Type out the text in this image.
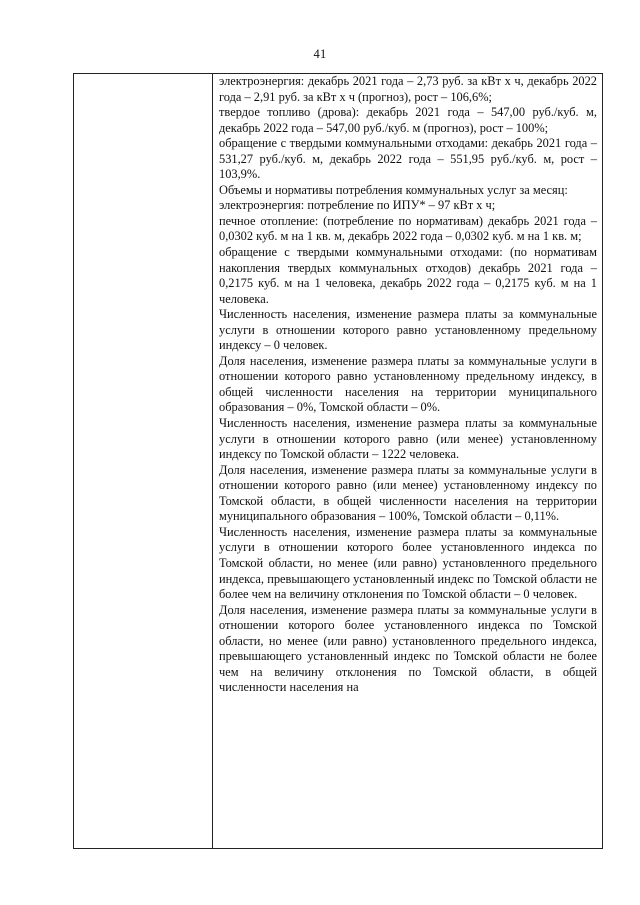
41

электроэнергия: декабрь 2021 года – 2,73 руб. за кВт х ч, декабрь 2022 года – 2,91 руб. за кВт х ч (прогноз), рост – 106,6%;

твердое топливо (дрова): декабрь 2021 года – 547,00 руб./куб. м, декабрь 2022 года – 547,00 руб./куб. м (прогноз), рост – 100%;

обращение с твердыми коммунальными отходами: декабрь 2021 года – 531,27 руб./куб. м, декабрь 2022 года – 551,95 руб./куб. м, рост – 103,9%.

Объемы и нормативы потребления коммунальных услуг за месяц:

электроэнергия: потребление по ИПУ* – 97 кВт х ч;

печное отопление: (потребление по нормативам) декабрь 2021 года – 0,0302 куб. м на 1 кв. м, декабрь 2022 года – 0,0302 куб. м на 1 кв. м;

обращение с твердыми коммунальными отходами: (по нормативам накопления твердых коммунальных отходов) декабрь 2021 года – 0,2175 куб. м на 1 человека, декабрь 2022 года – 0,2175 куб. м на 1 человека.

Численность населения, изменение размера платы за коммунальные услуги в отношении которого равно установленному предельному индексу – 0 человек.

Доля населения, изменение размера платы за коммунальные услуги в отношении которого равно установленному предельному индексу, в общей численности населения на территории муниципального образования – 0%, Томской области – 0%.

Численность населения, изменение размера платы за коммунальные услуги в отношении которого равно (или менее) установленному индексу по Томской области – 1222 человека.

Доля населения, изменение размера платы за коммунальные услуги в отношении которого равно (или менее) установленному индексу по Томской области, в общей численности населения на территории муниципального образования – 100%, Томской области – 0,11%.

Численность населения, изменение размера платы за коммунальные услуги в отношении которого более установленного индекса по Томской области, но менее (или равно) установленного предельного индекса, превышающего установленный индекс по Томской области не более чем на величину отклонения по Томской области – 0 человек.

Доля населения, изменение размера платы за коммунальные услуги в отношении которого более установленного индекса по Томской области, но менее (или равно) установленного предельного индекса, превышающего установленный индекс по Томской области не более чем на величину отклонения по Томской области, в общей численности населения на
